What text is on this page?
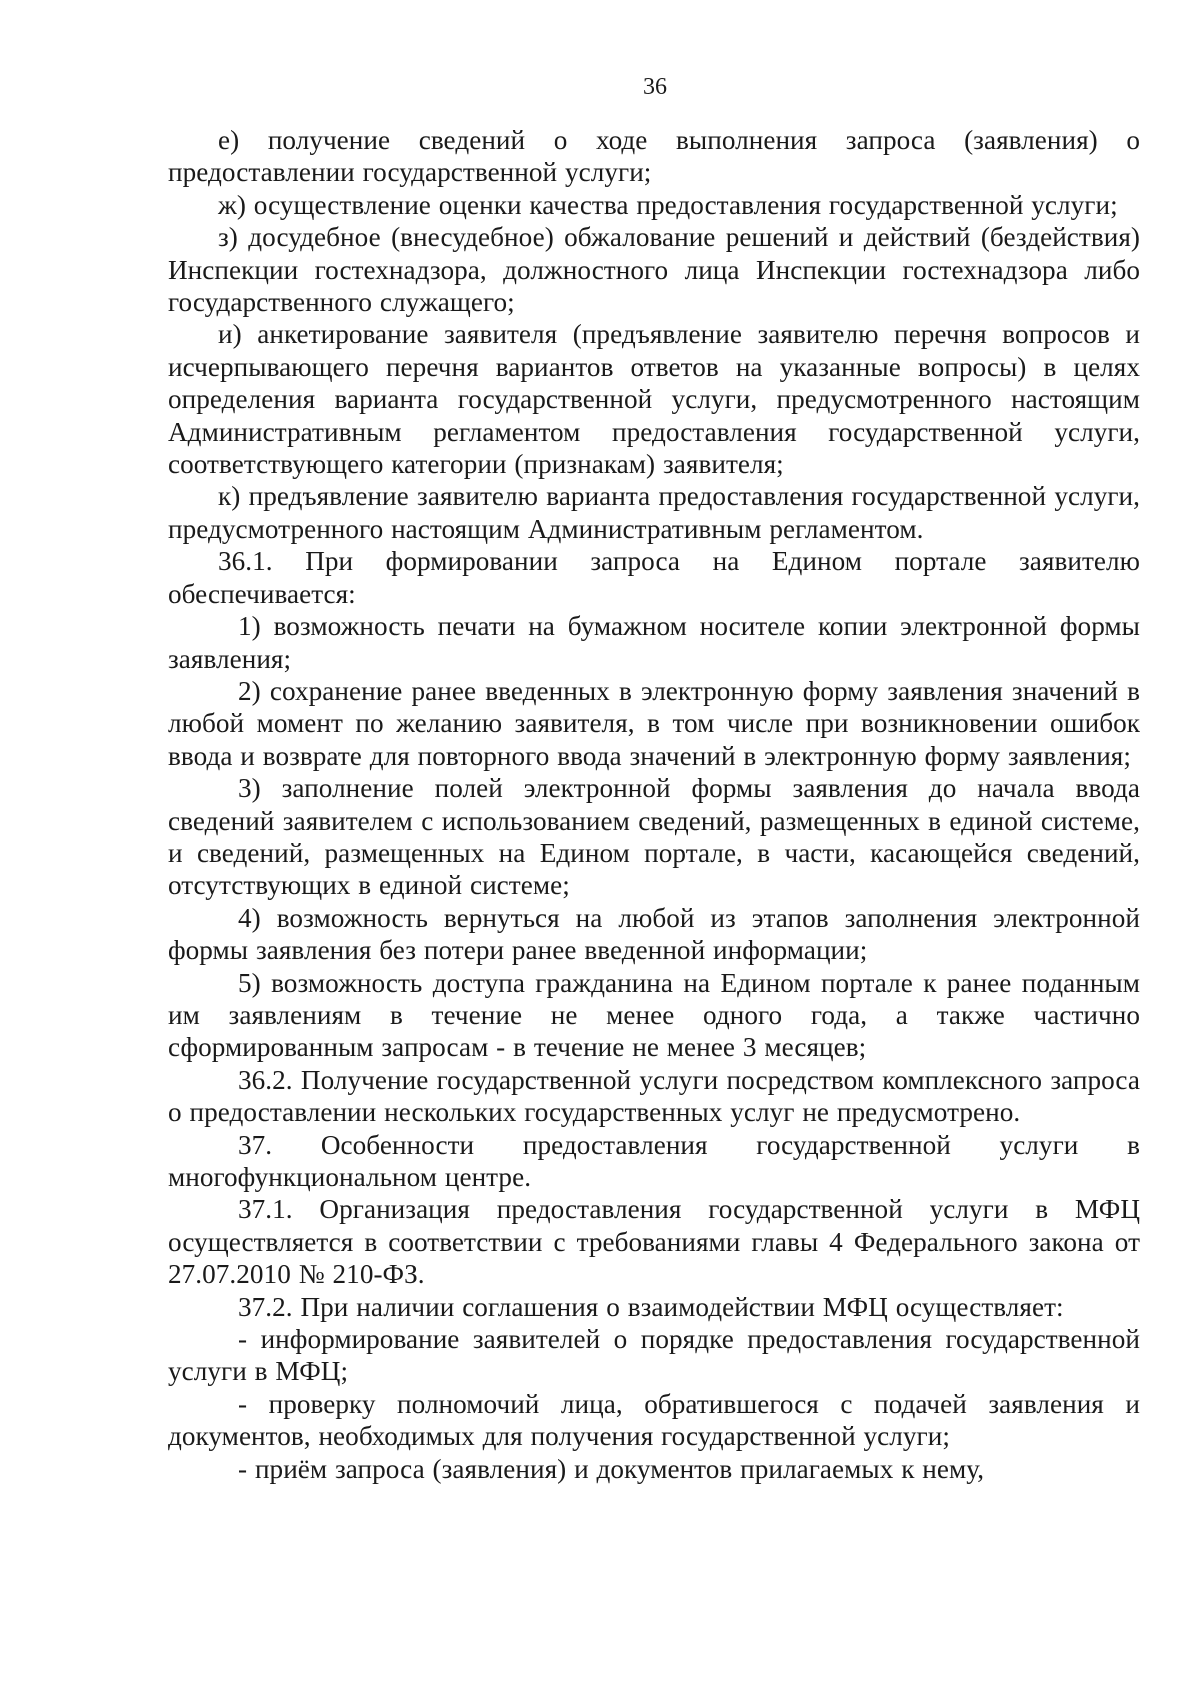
36

е) получение сведений о ходе выполнения запроса (заявления) о предоставлении государственной услуги;

ж) осуществление оценки качества предоставления государственной услуги;

з) досудебное (внесудебное) обжалование решений и действий (бездействия) Инспекции гостехнадзора, должностного лица Инспекции гостехнадзора либо государственного служащего;

и) анкетирование заявителя (предъявление заявителю перечня вопросов и исчерпывающего перечня вариантов ответов на указанные вопросы) в целях определения варианта государственной услуги, предусмотренного настоящим Административным регламентом предоставления государственной услуги, соответствующего категории (признакам) заявителя;

к) предъявление заявителю варианта предоставления государственной услуги, предусмотренного настоящим Административным регламентом.

36.1. При формировании запроса на Едином портале заявителю обеспечивается:

1) возможность печати на бумажном носителе копии электронной формы заявления;

2) сохранение ранее введенных в электронную форму заявления значений в любой момент по желанию заявителя, в том числе при возникновении ошибок ввода и возврате для повторного ввода значений в электронную форму заявления;

3) заполнение полей электронной формы заявления до начала ввода сведений заявителем с использованием сведений, размещенных в единой системе, и сведений, размещенных на Едином портале, в части, касающейся сведений, отсутствующих в единой системе;

4) возможность вернуться на любой из этапов заполнения электронной формы заявления без потери ранее введенной информации;

5) возможность доступа гражданина на Едином портале к ранее поданным им заявлениям в течение не менее одного года, а также частично сформированным запросам - в течение не менее 3 месяцев;

36.2. Получение государственной услуги посредством комплексного запроса о предоставлении нескольких государственных услуг не предусмотрено.

37. Особенности предоставления государственной услуги в многофункциональном центре.

37.1. Организация предоставления государственной услуги в МФЦ осуществляется в соответствии с требованиями главы 4 Федерального закона от 27.07.2010 № 210-ФЗ.

37.2. При наличии соглашения о взаимодействии МФЦ осуществляет:

- информирование заявителей о порядке предоставления государственной услуги в МФЦ;

- проверку полномочий лица, обратившегося с подачей заявления и документов, необходимых для получения государственной услуги;

- приём запроса (заявления) и документов прилагаемых к нему,
